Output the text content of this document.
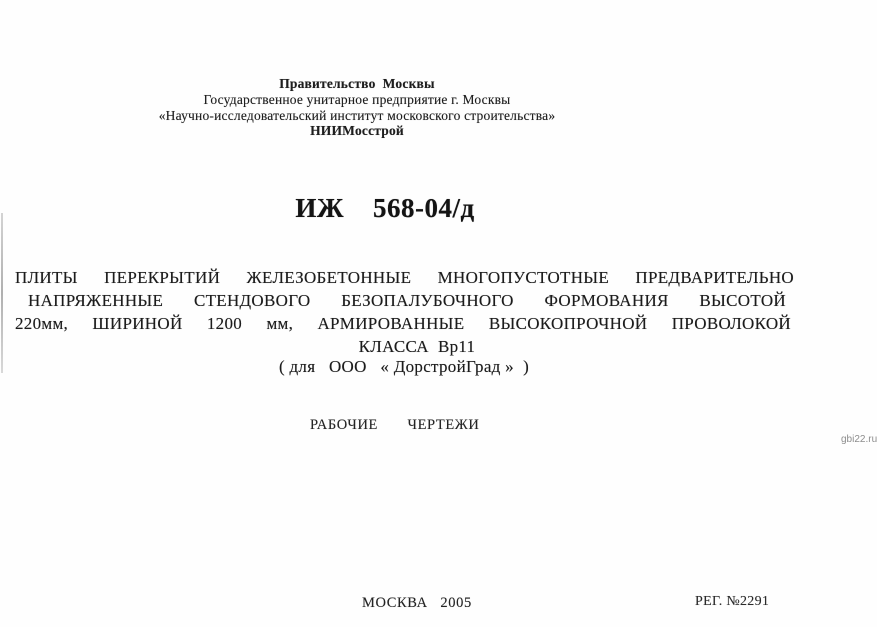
Правительство  Москвы
Государственное унитарное предприятие г. Москвы
«Научно-исследовательский институт московского строительства»
НИИМосстрой
ИЖ    568-04/д
ПЛИТЫ ПЕРЕКРЫТИЙ ЖЕЛЕЗОБЕТОННЫЕ МНОГОПУСТОТНЫЕ ПРЕДВАРИТЕЛЬНО
НАПРЯЖЕННЫЕ СТЕНДОВОГО БЕЗОПАЛУБОЧНОГО ФОРМОВАНИЯ ВЫСОТОЙ
220мм, ШИРИНОЙ 1200 мм, АРМИРОВАННЫЕ ВЫСОКОПРОЧНОЙ ПРОВОЛОКОЙ
КЛАССА  Вр11
( для   ООО   « ДорстройГрад »  )
РАБОЧИЕ       ЧЕРТЕЖИ
gbi22.ru
МОСКВА   2005	РЕГ. №2291
